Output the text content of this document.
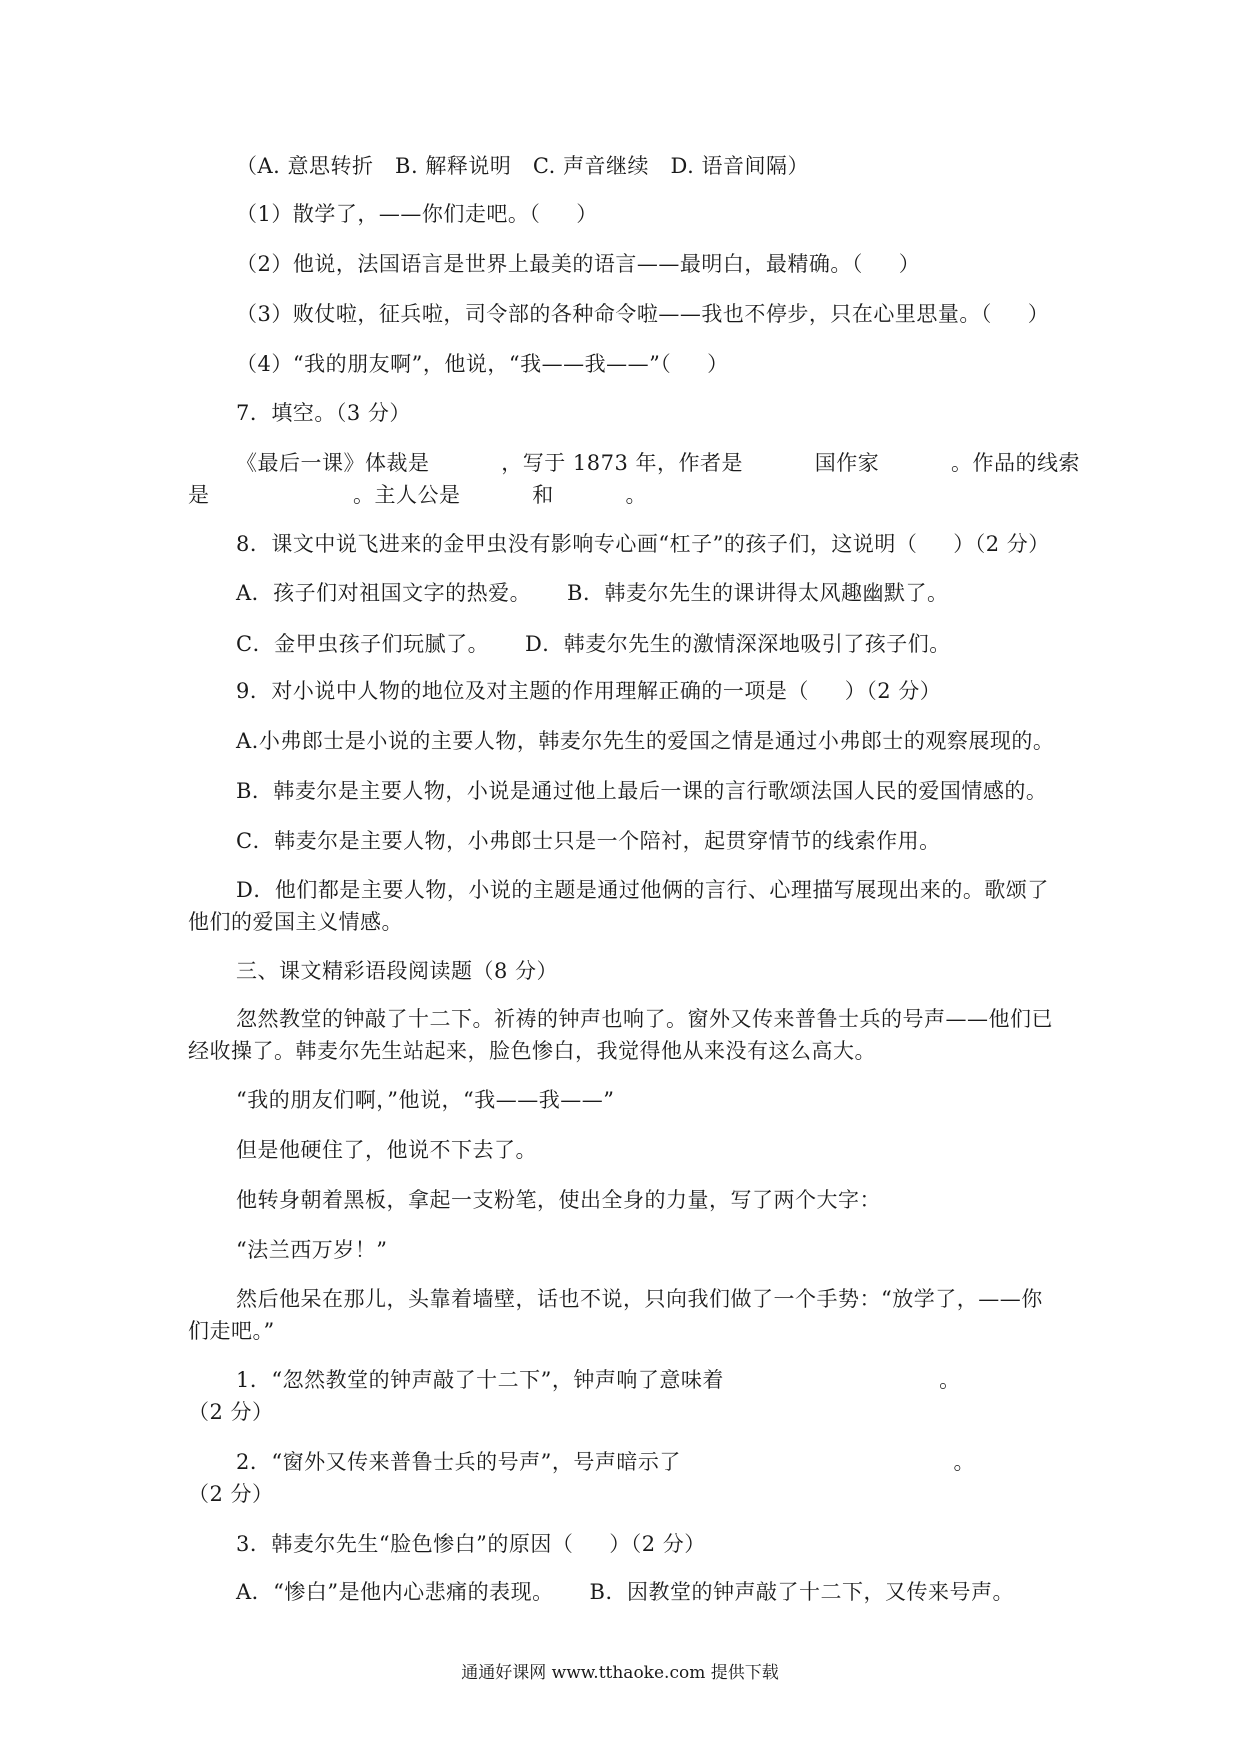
（A. 意思转折   B. 解释说明   C. 声音继续   D. 语音间隔）
（1）散学了，——你们走吧。（     ）
（2）他说，法国语言是世界上最美的语言——最明白，最精确。（     ）
（3）败仗啦，征兵啦，司令部的各种命令啦——我也不停步，只在心里思量。（     ）
（4）“我的朋友啊”，他说，“我——我——”（     ）
7．填空。（3 分）
《最后一课》体裁是          ，写于 1873 年，作者是          国作家          。作品的线索
是                    。主人公是          和          。
8．课文中说飞进来的金甲虫没有影响专心画“杠子”的孩子们，这说明（     ）（2 分）
A．孩子们对祖国文字的热爱。     B．韩麦尔先生的课讲得太风趣幽默了。
C．金甲虫孩子们玩腻了。     D．韩麦尔先生的激情深深地吸引了孩子们。
9．对小说中人物的地位及对主题的作用理解正确的一项是（     ）（2 分）
A.小弗郎士是小说的主要人物，韩麦尔先生的爱国之情是通过小弗郎士的观察展现的。
B．韩麦尔是主要人物，小说是通过他上最后一课的言行歌颂法国人民的爱国情感的。
C．韩麦尔是主要人物，小弗郎士只是一个陪衬，起贯穿情节的线索作用。
D．他们都是主要人物，小说的主题是通过他俩的言行、心理描写展现出来的。歌颂了
他们的爱国主义情感。
三、课文精彩语段阅读题（8 分）
忽然教堂的钟敲了十二下。祈祷的钟声也响了。窗外又传来普鲁士兵的号声——他们已
经收操了。韩麦尔先生站起来，脸色惨白，我觉得他从来没有这么高大。
“我的朋友们啊，”他说，“我——我——”
但是他硬住了，他说不下去了。
他转身朝着黑板，拿起一支粉笔，使出全身的力量，写了两个大字：
“法兰西万岁！”
然后他呆在那儿，头靠着墙壁，话也不说，只向我们做了一个手势：“放学了，——你
们走吧。”
1．“忽然教堂的钟声敲了十二下”，钟声响了意味着                              。
（2 分）
2．“窗外又传来普鲁士兵的号声”，号声暗示了                                      。
（2 分）
3．韩麦尔先生“脸色惨白”的原因（     ）（2 分）
A．“惨白”是他内心悲痛的表现。     B．因教堂的钟声敲了十二下，又传来号声。
通通好课网 www.tthaoke.com 提供下载
